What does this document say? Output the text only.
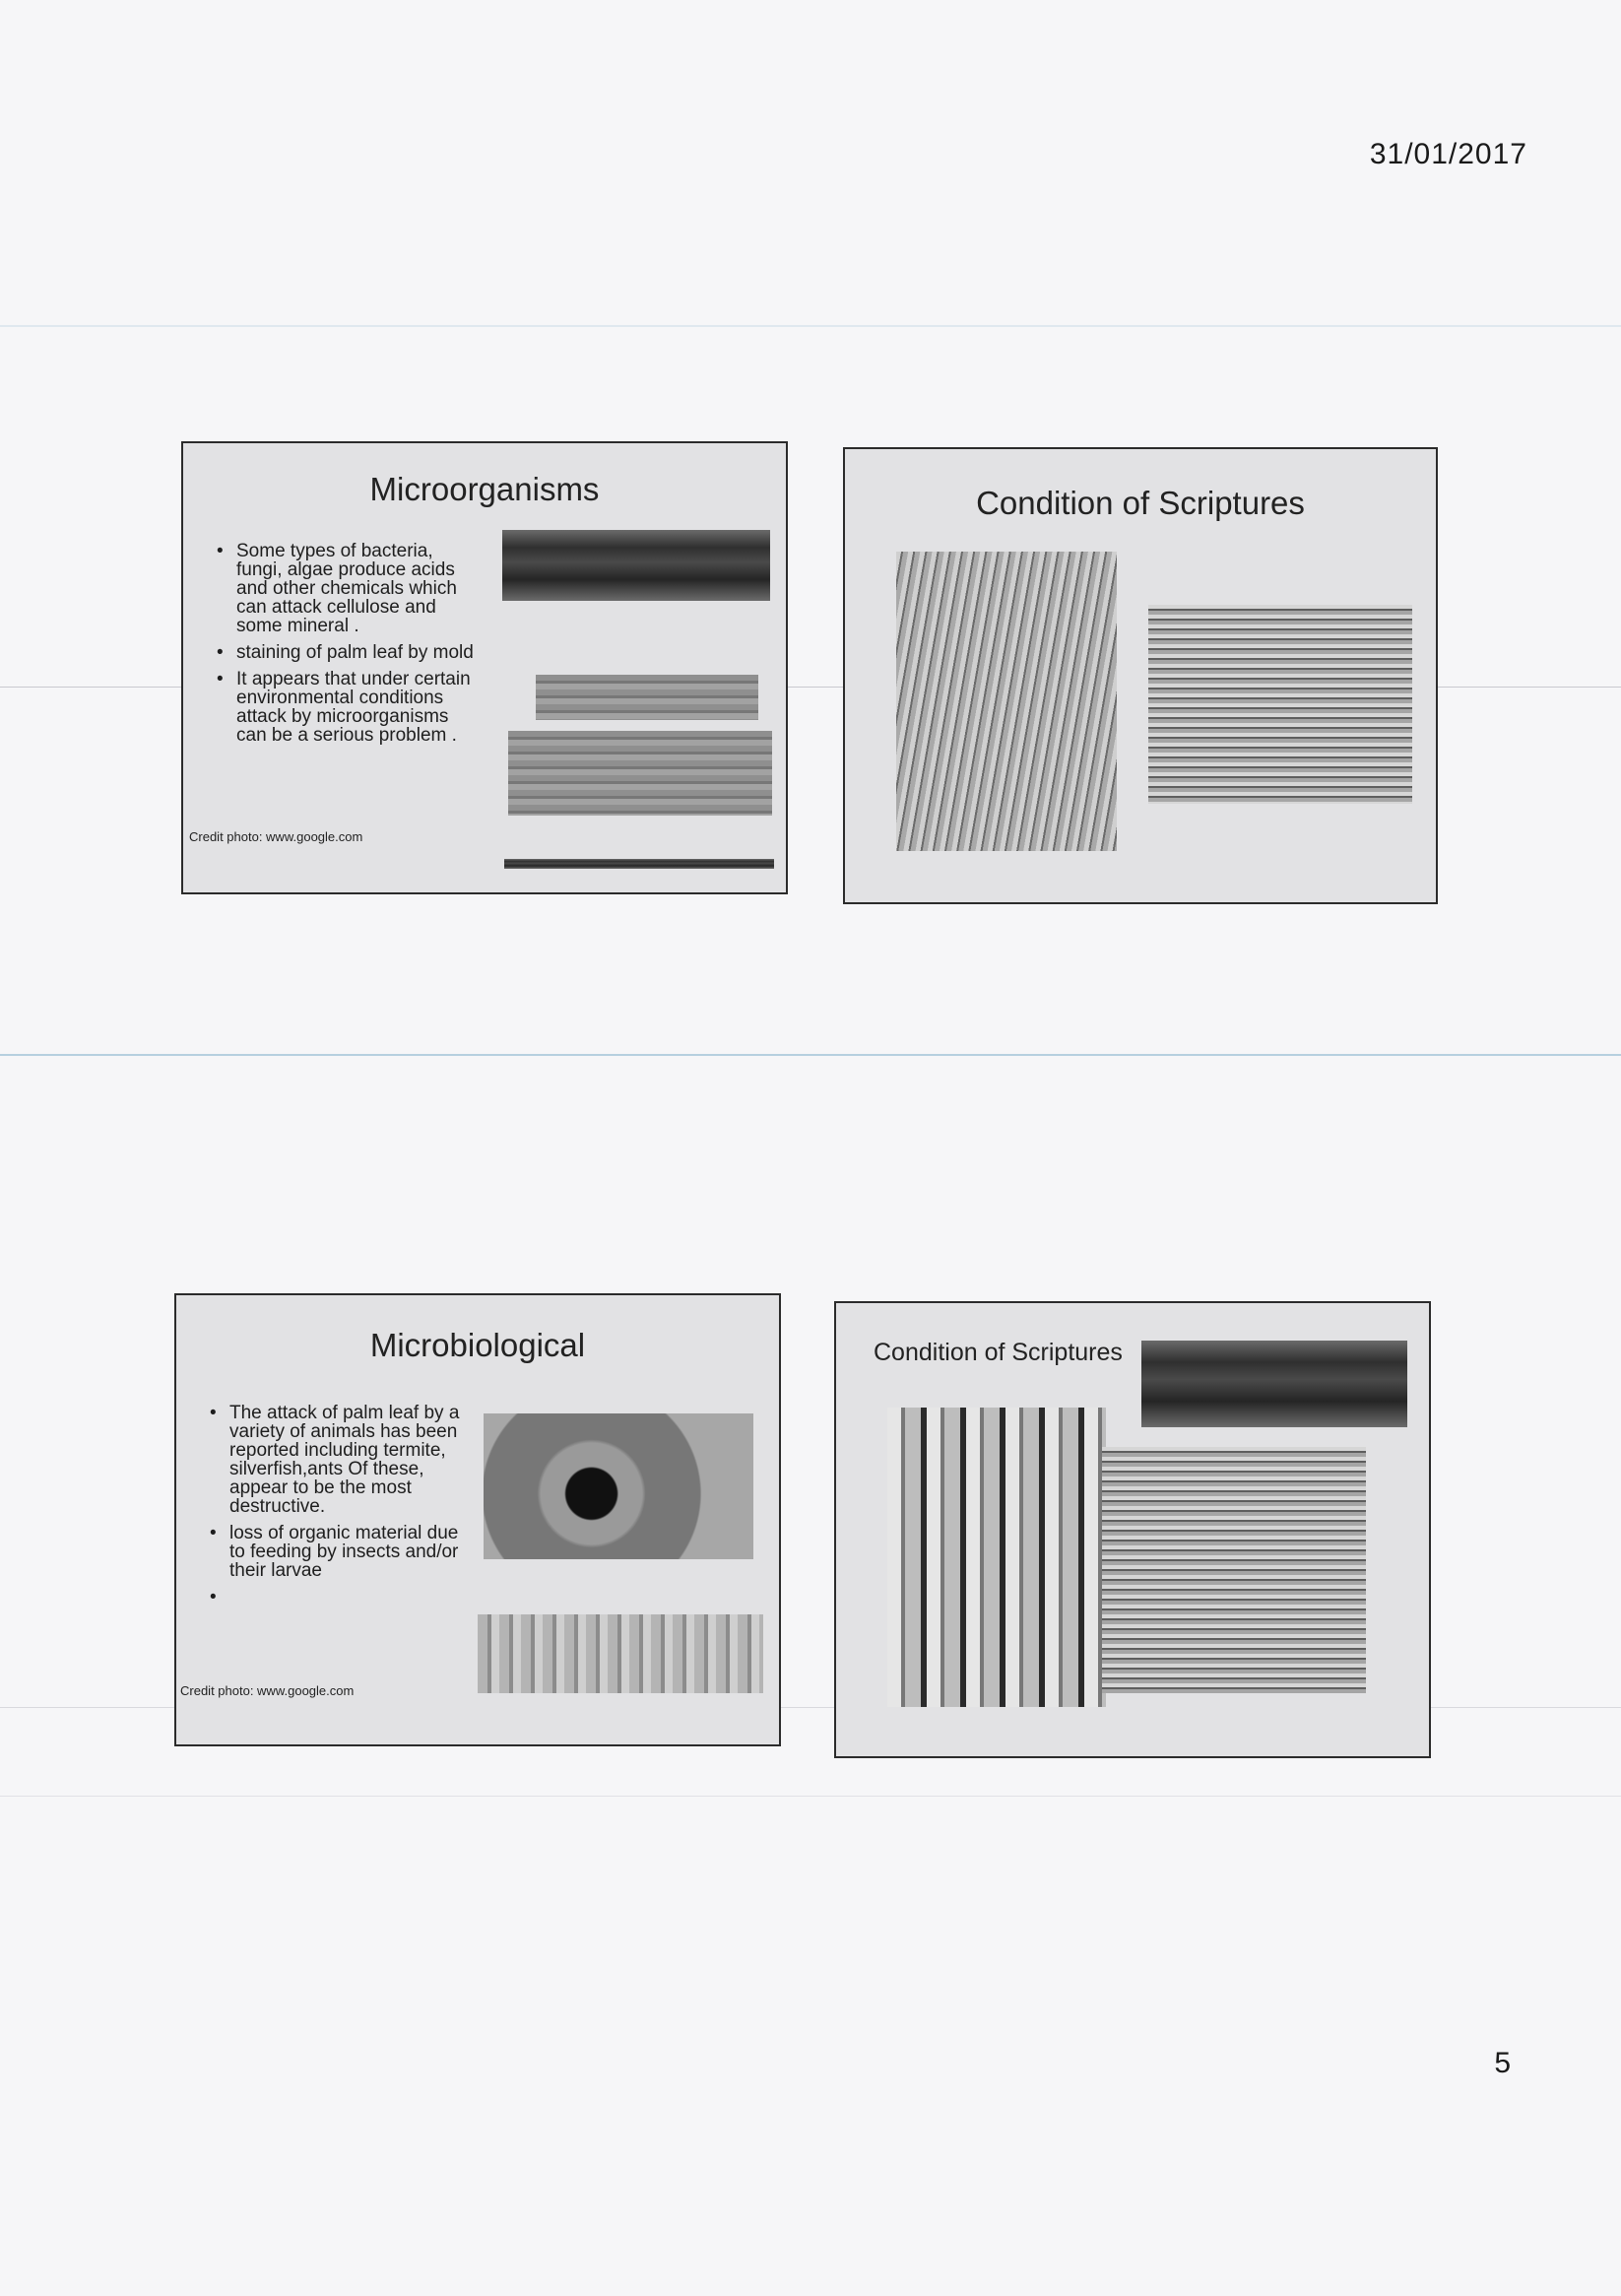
31/01/2017
Microorganisms
• Some types of bacteria, fungi, algae produce acids and other chemicals which can attack cellulose and some mineral .
• staining of palm leaf by mold
• It appears that under certain environmental conditions attack by microorganisms can be a serious problem .
Credit photo: www.google.com
Condition of Scriptures
Microbiological
• The attack of palm leaf by a variety of animals has been reported including termite, silverfish,ants Of these, appear to be the most destructive.
• loss of organic material due to feeding by insects and/or their larvae
Credit photo: www.google.com
Condition of Scriptures
5
